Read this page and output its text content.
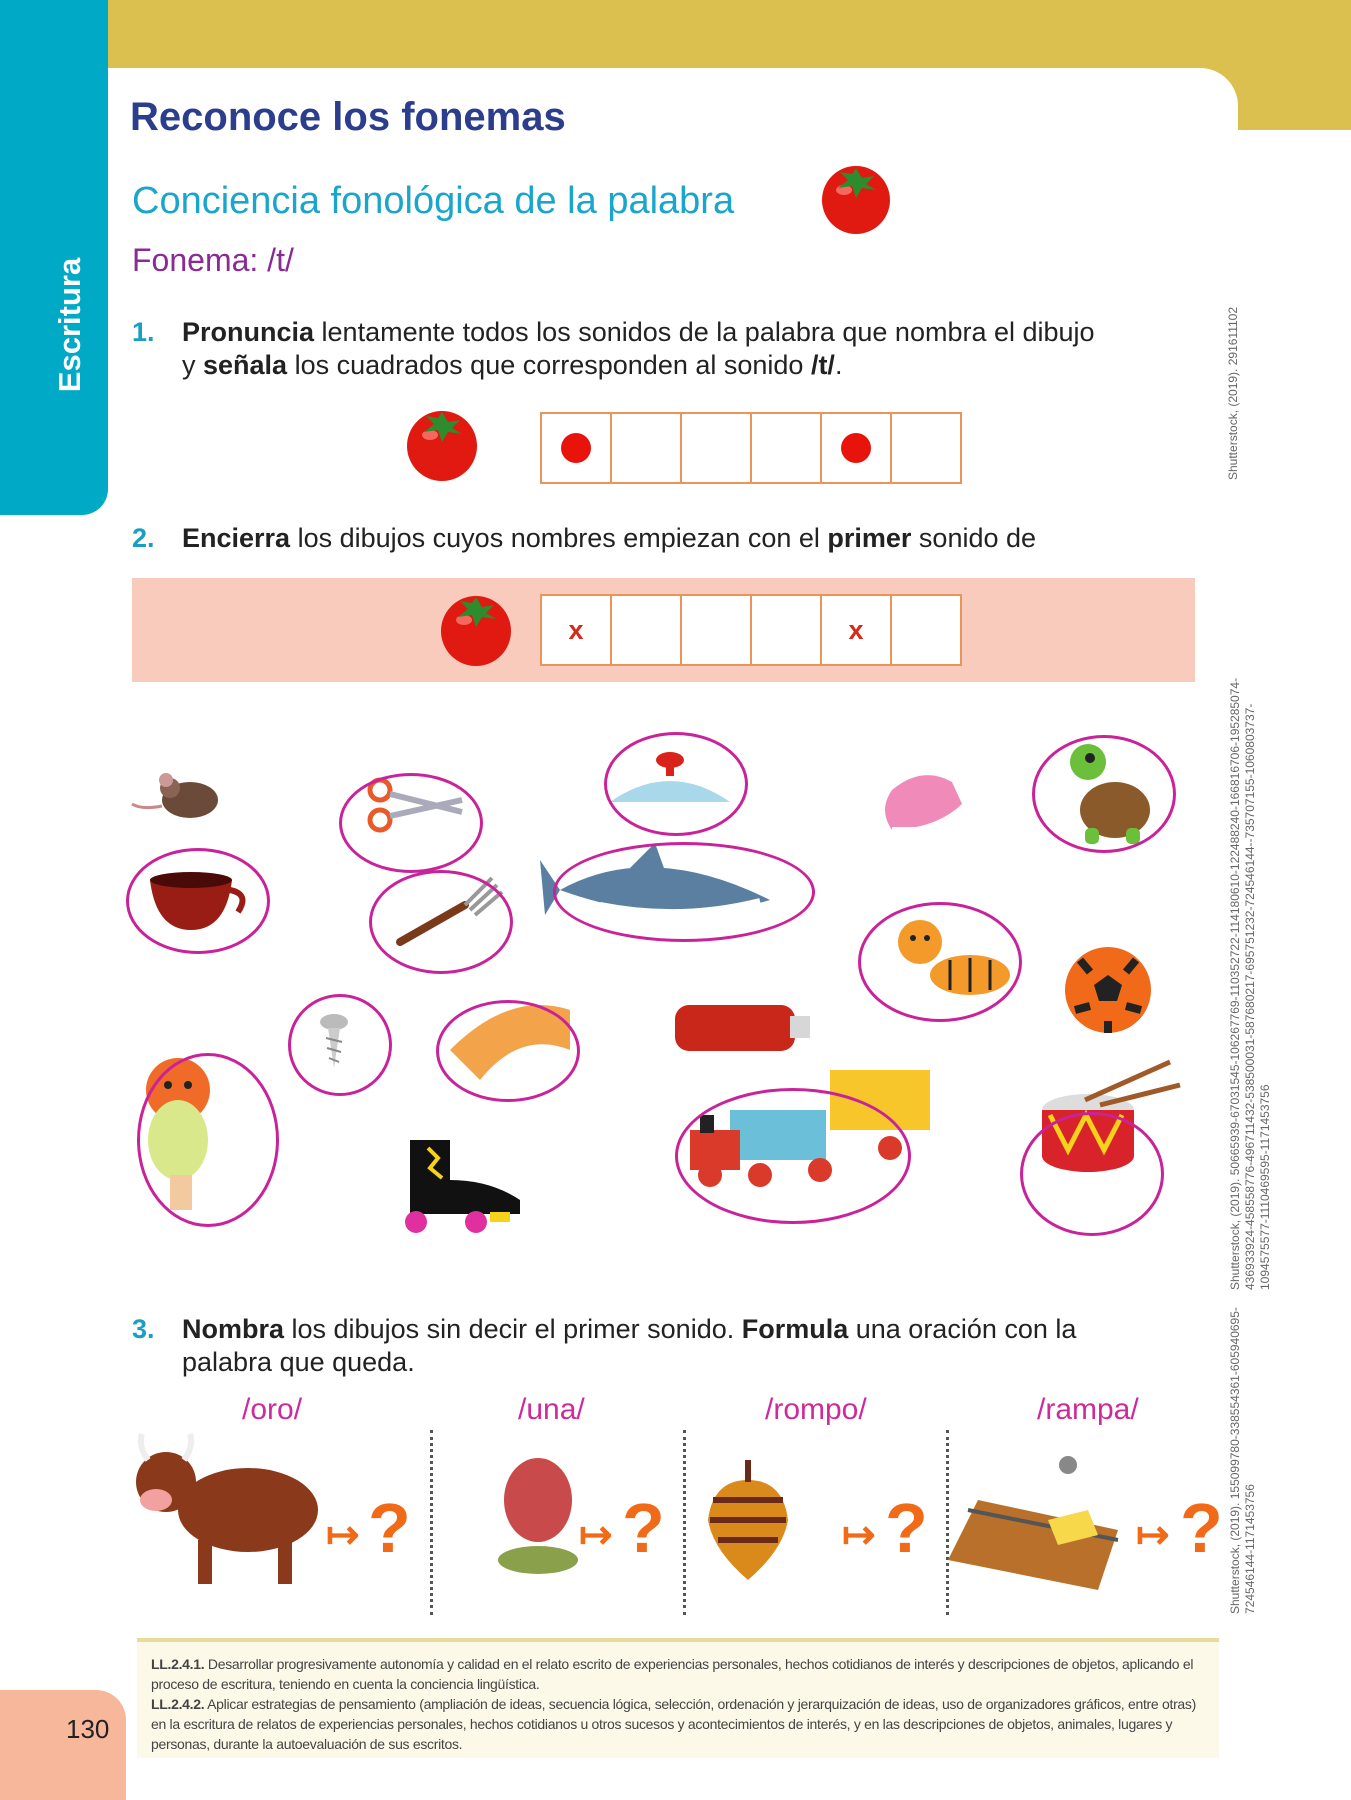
Escritura
Reconoce los fonemas
Conciencia fonológica de la palabra
Fonema: /t/
1. Pronuncia lentamente todos los sonidos de la palabra que nombra el dibujo
y señala los cuadrados que corresponden al sonido /t/.	Shutterstock, (2019). 291611102
2. Encierra los dibujos cuyos nombres empiezan con el primer sonido de
x	x
Shutterstock, (2019). 50665939-67031545-106267769-110352722-114180610-122488240-166816706-195285074-
436933924-458558776-496711432-538500031-587680217-695751232-724546144--735707155-1060803737-
1094575577-1110469595-1171453756
3. Nombra los dibujos sin decir el primer sonido. Formula una oración con la
palabra que queda.
/oro/	/una/	/rompo/	/rampa/
↦ ?	↦ ?	↦ ?	↦ ? Shutterstock, (2019). 155099780-338554361-605940695-
724546144-1171453756
LL.2.4.1. Desarrollar progresivamente autonomía y calidad en el relato escrito de experiencias personales, hechos cotidianos de interés y descripciones de objetos, aplicando el proceso de escritura, teniendo en cuenta la conciencia lingüística.
LL.2.4.2. Aplicar estrategias de pensamiento (ampliación de ideas, secuencia lógica, selección, ordenación y jerarquización de ideas, uso de organizadores gráficos, entre otras) en la escritura de relatos de experiencias personales, hechos cotidianos u otros sucesos y acontecimientos de interés, y en las descripciones de objetos, animales, lugares y personas, durante la autoevaluación de sus escritos.
130
